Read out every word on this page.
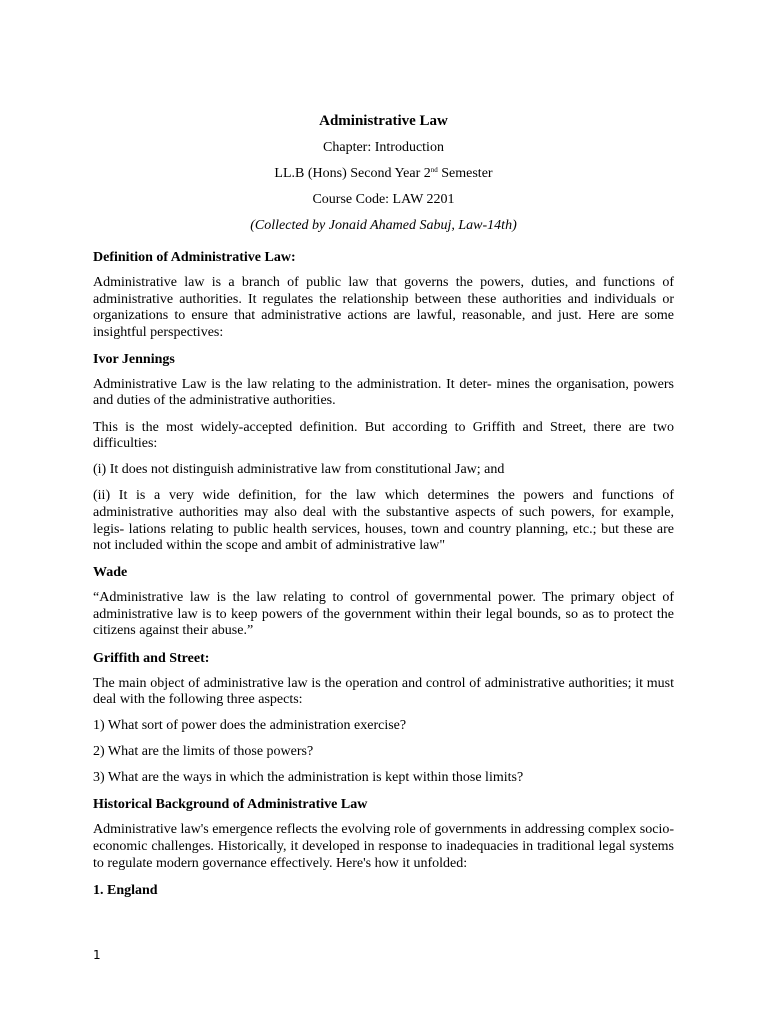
Administrative Law
Chapter: Introduction
LL.B (Hons) Second Year 2nd Semester
Course Code: LAW 2201
(Collected by Jonaid Ahamed Sabuj, Law-14th)
Definition of Administrative Law:

Administrative law is a branch of public law that governs the powers, duties, and functions of administrative authorities. It regulates the relationship between these authorities and individuals or organizations to ensure that administrative actions are lawful, reasonable, and just. Here are some insightful perspectives:

Ivor Jennings

Administrative Law is the law relating to the administration. It deter- mines the organisation, powers and duties of the administrative authorities.

This is the most widely-accepted definition. But according to Griffith and Street, there are two difficulties:

(i) It does not distinguish administrative law from constitutional Jaw; and

(ii) It is a very wide definition, for the law which determines the powers and functions of administrative authorities may also deal with the substantive aspects of such powers, for example, legis- lations relating to public health services, houses, town and country planning, etc.; but these are not included within the scope and ambit of administrative law"

Wade

“Administrative law is the law relating to control of governmental power. The primary object of administrative law is to keep powers of the government within their legal bounds, so as to protect the citizens against their abuse.”

Griffith and Street:

The main object of administrative law is the operation and control of administrative authorities; it must deal with the following three aspects:

1) What sort of power does the administration exercise?

2) What are the limits of those powers?

3) What are the ways in which the administration is kept within those limits?

Historical Background of Administrative Law

Administrative law's emergence reflects the evolving role of governments in addressing complex socio-economic challenges. Historically, it developed in response to inadequacies in traditional legal systems to regulate modern governance effectively. Here's how it unfolded:

1. England
1
